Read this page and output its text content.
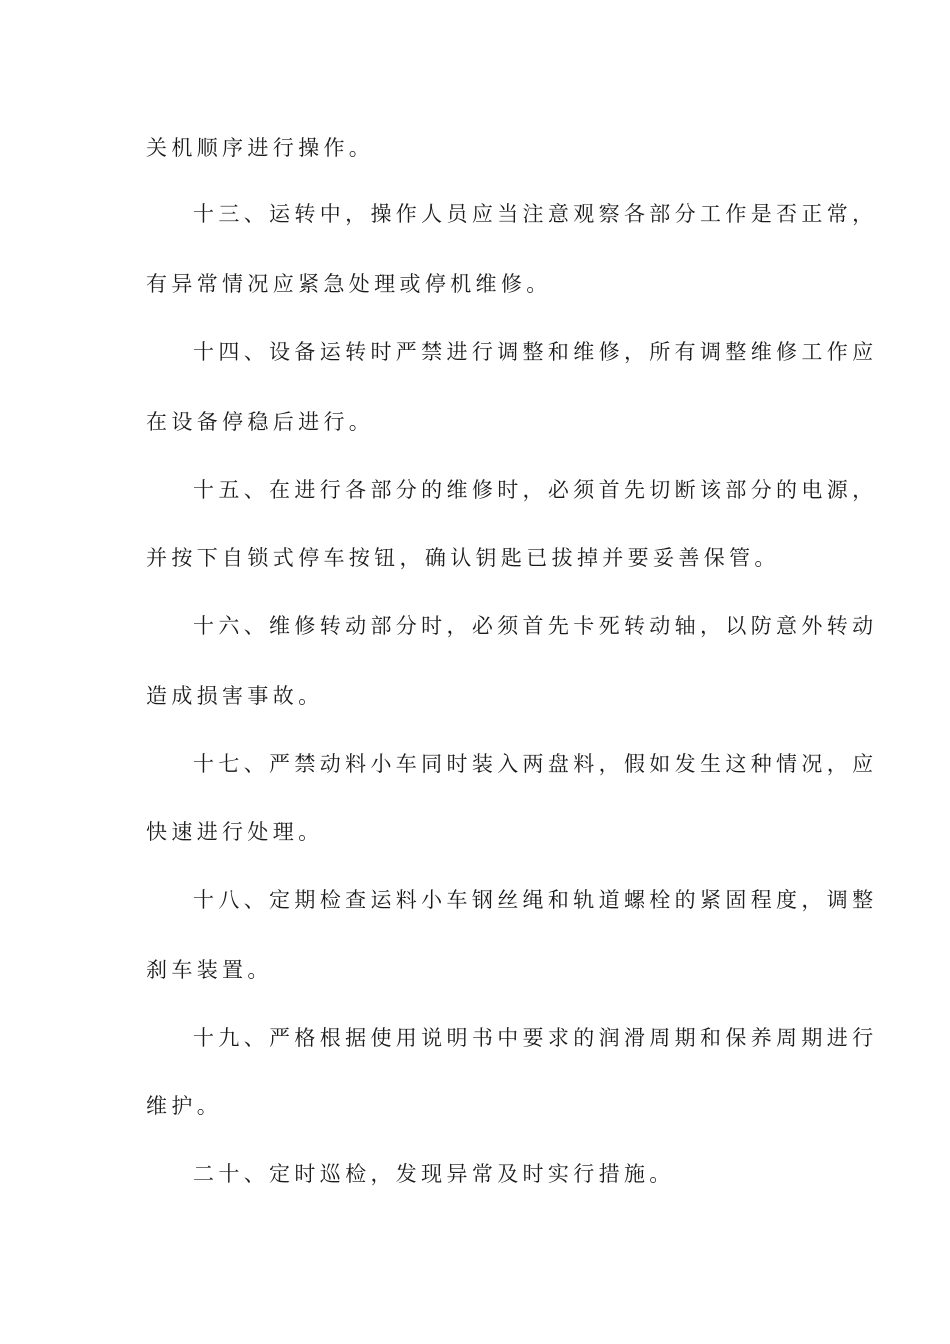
关机顺序进行操作。

十三、运转中，操作人员应当注意观察各部分工作是否正常，

有异常情况应紧急处理或停机维修。

十四、设备运转时严禁进行调整和维修，所有调整维修工作应

在设备停稳后进行。

十五、在进行各部分的维修时，必须首先切断该部分的电源，

并按下自锁式停车按钮，确认钥匙已拔掉并要妥善保管。

十六、维修转动部分时，必须首先卡死转动轴，以防意外转动

造成损害事故。

十七、严禁动料小车同时装入两盘料，假如发生这种情况，应

快速进行处理。

十八、定期检查运料小车钢丝绳和轨道螺栓的紧固程度，调整

刹车装置。

十九、严格根据使用说明书中要求的润滑周期和保养周期进行

维护。

二十、定时巡检，发现异常及时实行措施。
